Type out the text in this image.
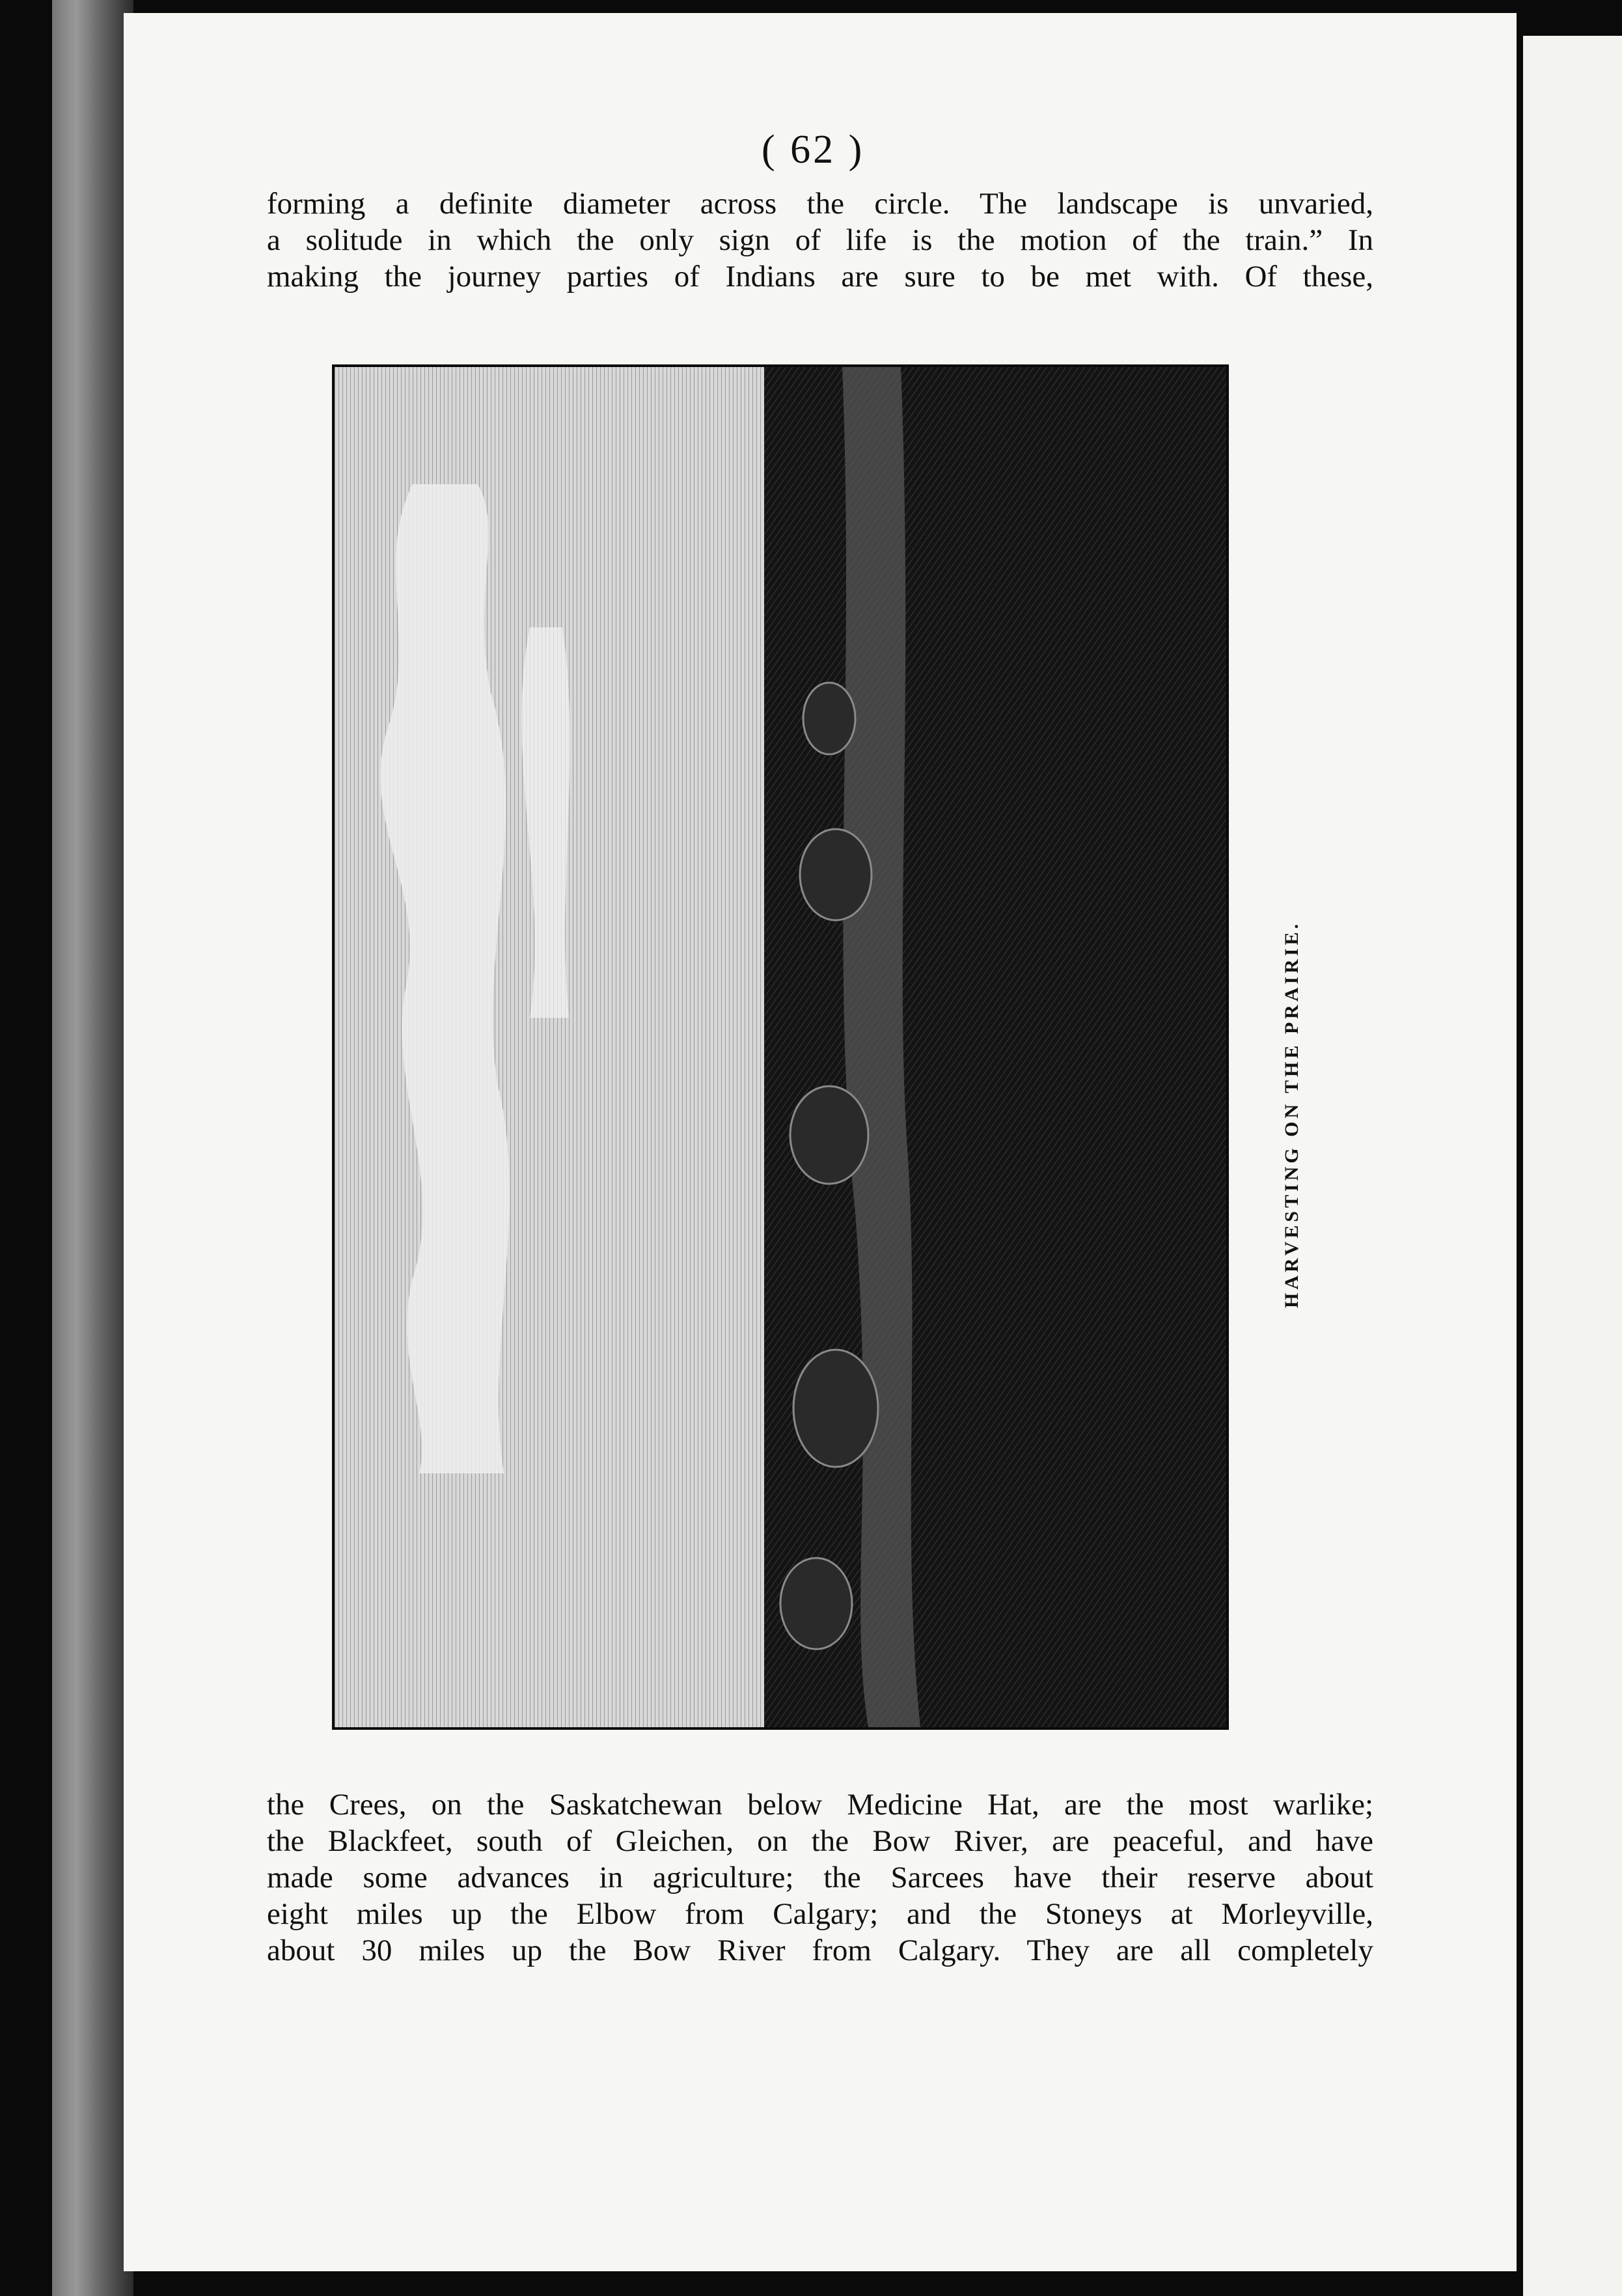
( 62 )
forming a definite diameter across the circle. The landscape is unvaried,
a solitude in which the only sign of life is the motion of the train.” In
making the journey parties of Indians are sure to be met with. Of these,
HARVESTING ON THE PRAIRIE.
the Crees, on the Saskatchewan below Medicine Hat, are the most warlike;
the Blackfeet, south of Gleichen, on the Bow River, are peaceful, and have
made some advances in agriculture; the Sarcees have their reserve about
eight miles up the Elbow from Calgary; and the Stoneys at Morleyville,
about 30 miles up the Bow River from Calgary. They are all completely
